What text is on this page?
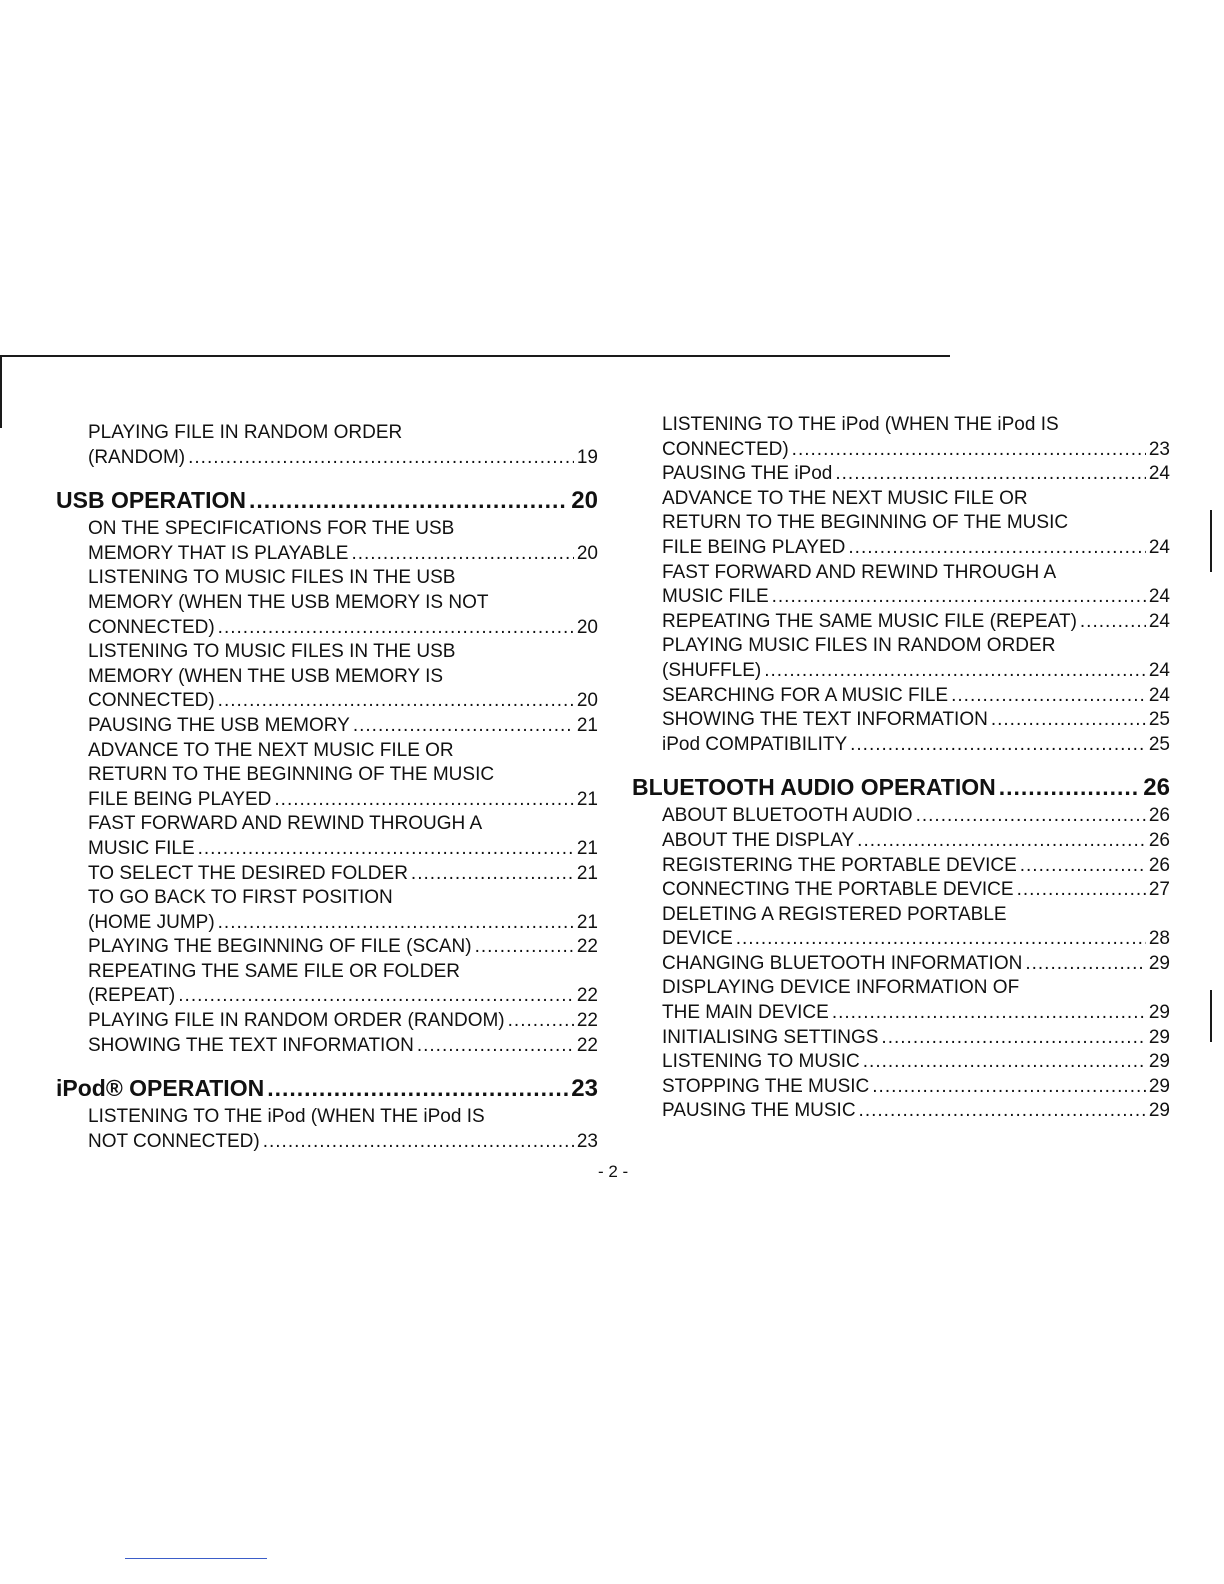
PLAYING FILE IN RANDOM ORDER
(RANDOM) .....	19
USB OPERATION .....	20
ON THE SPECIFICATIONS FOR THE USB
MEMORY THAT IS PLAYABLE .....	20
LISTENING TO MUSIC FILES IN THE USB
MEMORY (WHEN THE USB MEMORY IS NOT
CONNECTED) .....	20
LISTENING TO MUSIC FILES IN THE USB
MEMORY (WHEN THE USB MEMORY IS
CONNECTED) .....	20
PAUSING THE USB MEMORY .....	21
ADVANCE TO THE NEXT MUSIC FILE OR
RETURN TO THE BEGINNING OF THE MUSIC
FILE BEING PLAYED .....	21
FAST FORWARD AND REWIND THROUGH A
MUSIC FILE .....	21
TO SELECT THE DESIRED FOLDER .....	21
TO GO BACK TO FIRST POSITION
(HOME JUMP) .....	21
PLAYING THE BEGINNING OF FILE (SCAN) .....	22
REPEATING THE SAME FILE OR FOLDER
(REPEAT) .....	22
PLAYING FILE IN RANDOM ORDER (RANDOM) .....	22
SHOWING THE TEXT INFORMATION .....	22
iPod® OPERATION .....	23
LISTENING TO THE iPod (WHEN THE iPod IS
NOT CONNECTED) .....	23
LISTENING TO THE iPod (WHEN THE iPod IS
CONNECTED) .....	23
PAUSING THE iPod .....	24
ADVANCE TO THE NEXT MUSIC FILE OR
RETURN TO THE BEGINNING OF THE MUSIC
FILE BEING PLAYED .....	24
FAST FORWARD AND REWIND THROUGH A
MUSIC FILE .....	24
REPEATING THE SAME MUSIC FILE (REPEAT) .....	24
PLAYING MUSIC FILES IN RANDOM ORDER
(SHUFFLE) .....	24
SEARCHING FOR A MUSIC FILE .....	24
SHOWING THE TEXT INFORMATION .....	25
iPod COMPATIBILITY .....	25
BLUETOOTH AUDIO OPERATION .....	26
ABOUT BLUETOOTH AUDIO .....	26
ABOUT THE DISPLAY .....	26
REGISTERING THE PORTABLE DEVICE .....	26
CONNECTING THE PORTABLE DEVICE .....	27
DELETING A REGISTERED PORTABLE
DEVICE .....	28
CHANGING BLUETOOTH INFORMATION .....	29
DISPLAYING DEVICE INFORMATION OF
THE MAIN DEVICE .....	29
INITIALISING SETTINGS .....	29
LISTENING TO MUSIC .....	29
STOPPING THE MUSIC .....	29
PAUSING THE MUSIC .....	29
- 2 -
